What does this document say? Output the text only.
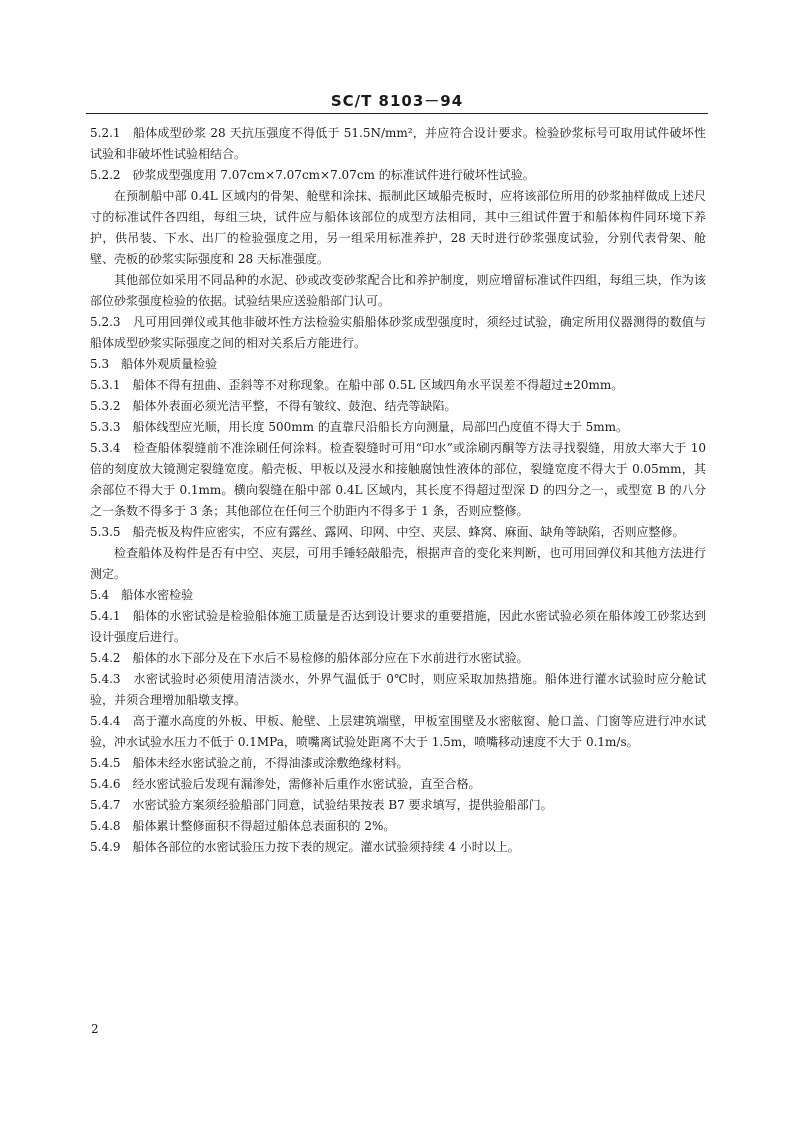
SC/T 8103－94

5.2.1　船体成型砂浆 28 天抗压强度不得低于 51.5N/mm²，并应符合设计要求。检验砂浆标号可取用试件破坏性试验和非破坏性试验相结合。

5.2.2　砂浆成型强度用 7.07cm×7.07cm×7.07cm 的标准试件进行破坏性试验。

在预制船中部 0.4L 区域内的骨架、舱壁和涂抹、振制此区域船壳板时，应将该部位所用的砂浆抽样做成上述尺寸的标准试件各四组，每组三块，试件应与船体该部位的成型方法相同，其中三组试件置于和船体构件同环境下养护，供吊装、下水、出厂的检验强度之用，另一组采用标准养护，28 天时进行砂浆强度试验，分别代表骨架、舱壁、壳板的砂浆实际强度和 28 天标准强度。

其他部位如采用不同品种的水泥、砂或改变砂浆配合比和养护制度，则应增留标准试件四组，每组三块，作为该部位砂浆强度检验的依据。试验结果应送验船部门认可。

5.2.3　凡可用回弹仪或其他非破坏性方法检验实船船体砂浆成型强度时，须经过试验，确定所用仪器测得的数值与船体成型砂浆实际强度之间的相对关系后方能进行。

5.3　船体外观质量检验

5.3.1　船体不得有扭曲、歪斜等不对称现象。在船中部 0.5L 区域四角水平误差不得超过±20mm。

5.3.2　船体外表面必须光洁平整，不得有皱纹、鼓泡、结壳等缺陷。

5.3.3　船体线型应光顺，用长度 500mm 的直靠尺沿船长方向测量，局部凹凸度值不得大于 5mm。

5.3.4　检查船体裂缝前不准涂刷任何涂料。检查裂缝时可用“印水”或涂刷丙酮等方法寻找裂缝，用放大率大于 10 倍的刻度放大镜测定裂缝宽度。船壳板、甲板以及浸水和接触腐蚀性液体的部位，裂缝宽度不得大于 0.05mm，其余部位不得大于 0.1mm。横向裂缝在船中部 0.4L 区域内，其长度不得超过型深 D 的四分之一，或型宽 B 的八分之一条数不得多于 3 条；其他部位在任何三个肋距内不得多于 1 条，否则应整修。

5.3.5　船壳板及构件应密实，不应有露丝、露网、印网、中空、夹层、蜂窝、麻面、缺角等缺陷，否则应整修。

检查船体及构件是否有中空、夹层，可用手锤轻敲船壳，根据声音的变化来判断，也可用回弹仪和其他方法进行测定。

5.4　船体水密检验

5.4.1　船体的水密试验是检验船体施工质量是否达到设计要求的重要措施，因此水密试验必须在船体竣工砂浆达到设计强度后进行。

5.4.2　船体的水下部分及在下水后不易检修的船体部分应在下水前进行水密试验。

5.4.3　水密试验时必须使用清洁淡水，外界气温低于 0℃时，则应采取加热措施。船体进行灌水试验时应分舱试验，并须合理增加船墩支撑。

5.4.4　高于灌水高度的外板、甲板、舱壁、上层建筑端壁，甲板室围壁及水密舷窗、舱口盖、门窗等应进行冲水试验，冲水试验水压力不低于 0.1MPa，喷嘴离试验处距离不大于 1.5m，喷嘴移动速度不大于 0.1m/s。

5.4.5　船体未经水密试验之前，不得油漆或涂敷绝缘材料。

5.4.6　经水密试验后发现有漏渗处，需修补后重作水密试验，直至合格。

5.4.7　水密试验方案须经验船部门同意，试验结果按表 B7 要求填写，提供验船部门。

5.4.8　船体累计整修面积不得超过船体总表面积的 2%。

5.4.9　船体各部位的水密试验压力按下表的规定。灌水试验须持续 4 小时以上。

2
